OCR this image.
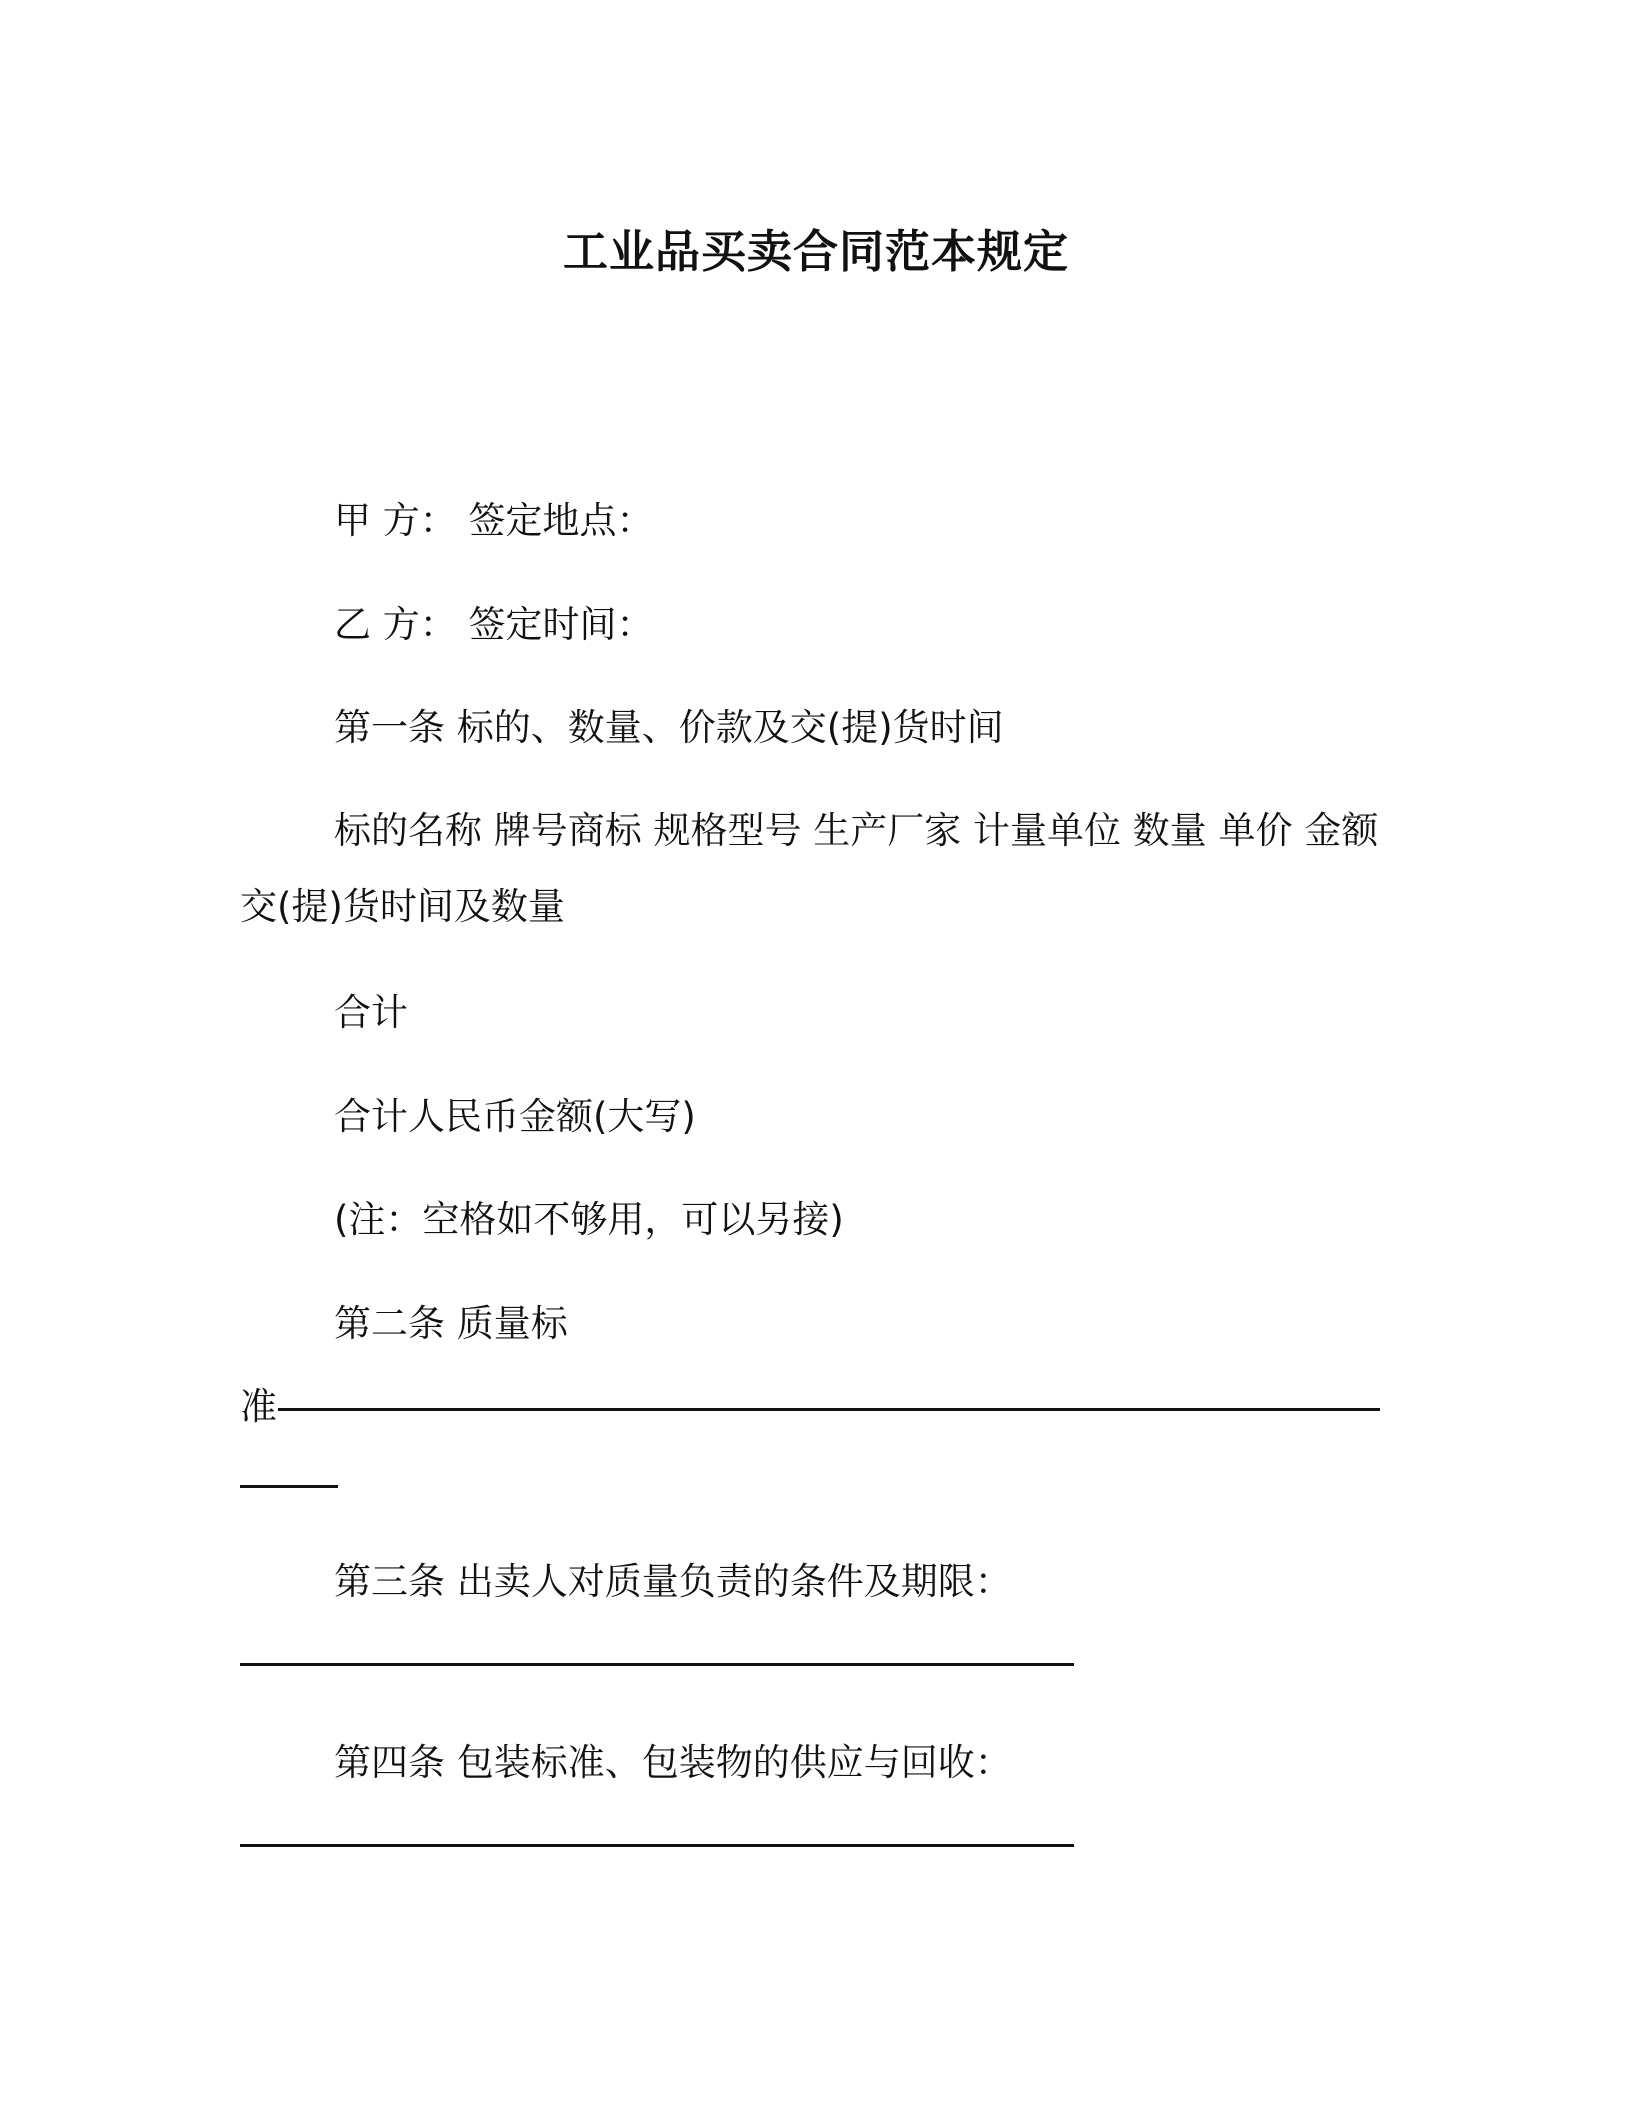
工业品买卖合同范本规定
甲 方： 签定地点：
乙 方： 签定时间：
第一条 标的、数量、价款及交(提)货时间
标的名称 牌号商标 规格型号 生产厂家 计量单位 数量 单价 金额
交(提)货时间及数量
合计
合计人民币金额(大写)
(注：空格如不够用，可以另接)
第二条 质量标
准
第三条 出卖人对质量负责的条件及期限：
第四条 包装标准、包装物的供应与回收：
